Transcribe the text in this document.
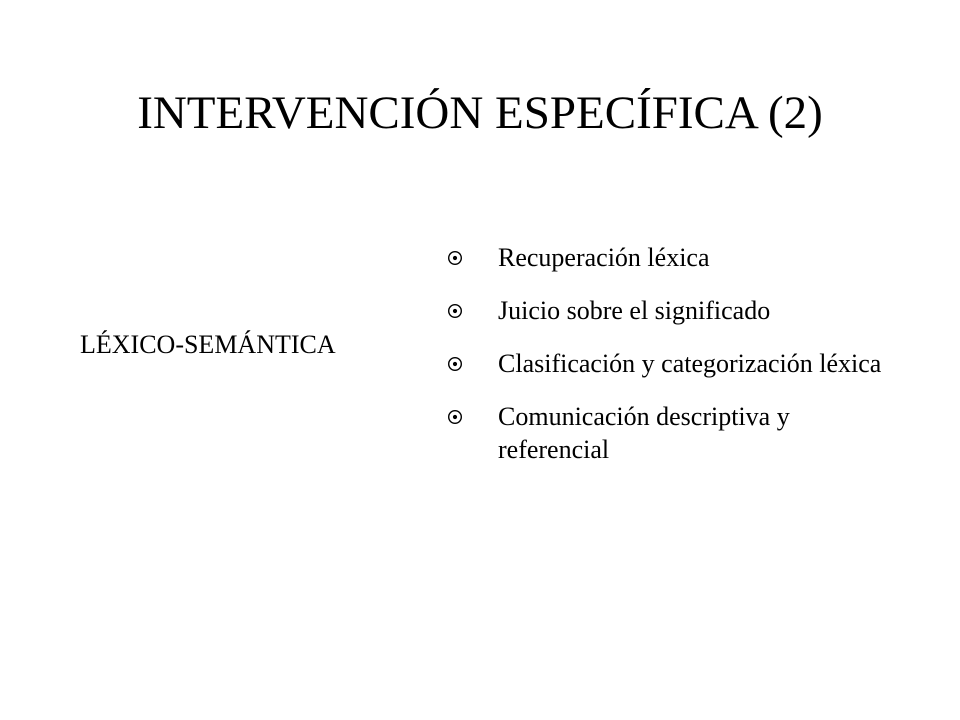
INTERVENCIÓN ESPECÍFICA (2)
LÉXICO-SEMÁNTICA
Recuperación léxica
Juicio sobre el significado
Clasificación y categorización léxica
Comunicación descriptiva y referencial
